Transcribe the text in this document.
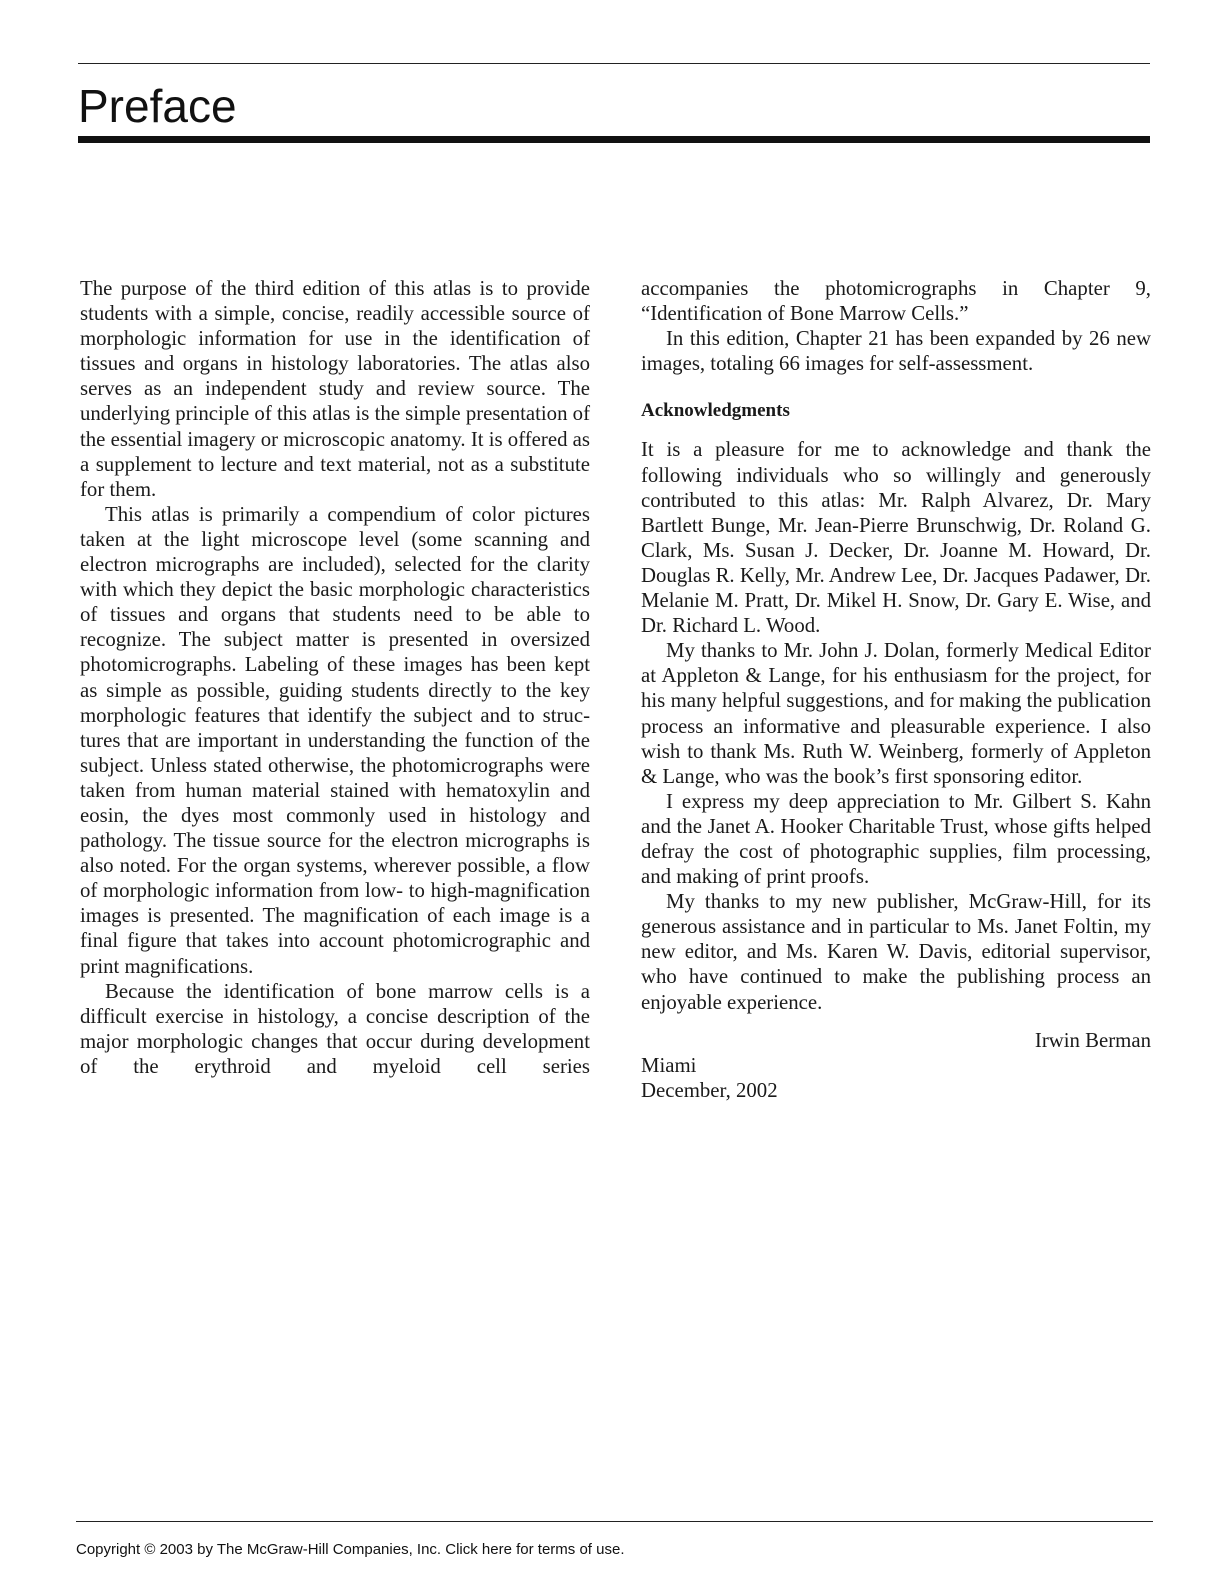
Preface

The purpose of the third edition of this atlas is to provide students with a simple, concise, readily accessible source of morphologic information for use in the identification of tissues and organs in histology laboratories. The atlas also serves as an independent study and review source. The underlying principle of this atlas is the simple presentation of the essential imagery or microscopic anatomy. It is offered as a supplement to lecture and text material, not as a substitute for them.

This atlas is primarily a compendium of color pictures taken at the light microscope level (some scanning and electron micrographs are included), selected for the clarity with which they depict the basic morphologic characteristics of tissues and organs that students need to be able to recognize. The subject matter is presented in oversized photomicrographs. Labeling of these images has been kept as simple as possible, guiding students directly to the key morphologic features that identify the subject and to structures that are important in understanding the function of the subject. Unless stated otherwise, the photomicrographs were taken from human material stained with hematoxylin and eosin, the dyes most commonly used in histology and pathology. The tissue source for the electron micrographs is also noted. For the organ systems, wherever possible, a flow of morphologic information from low- to high-magnification images is presented. The magnification of each image is a final figure that takes into account photomicrographic and print magnifications.

Because the identification of bone marrow cells is a difficult exercise in histology, a concise description of the major morphologic changes that occur during development of the erythroid and myeloid cell series

accompanies the photomicrographs in Chapter 9, “Identification of Bone Marrow Cells.”

In this edition, Chapter 21 has been expanded by 26 new images, totaling 66 images for self-assessment.

Acknowledgments

It is a pleasure for me to acknowledge and thank the following individuals who so willingly and generously contributed to this atlas: Mr. Ralph Alvarez, Dr. Mary Bartlett Bunge, Mr. Jean-Pierre Brunschwig, Dr. Roland G. Clark, Ms. Susan J. Decker, Dr. Joanne M. Howard, Dr. Douglas R. Kelly, Mr. Andrew Lee, Dr. Jacques Padawer, Dr. Melanie M. Pratt, Dr. Mikel H. Snow, Dr. Gary E. Wise, and Dr. Richard L. Wood.

My thanks to Mr. John J. Dolan, formerly Medical Editor at Appleton & Lange, for his enthusiasm for the project, for his many helpful suggestions, and for making the publication process an informative and pleasurable experience. I also wish to thank Ms. Ruth W. Weinberg, formerly of Appleton & Lange, who was the book’s first sponsoring editor.

I express my deep appreciation to Mr. Gilbert S. Kahn and the Janet A. Hooker Charitable Trust, whose gifts helped defray the cost of photographic supplies, film processing, and making of print proofs.

My thanks to my new publisher, McGraw-Hill, for its generous assistance and in particular to Ms. Janet Foltin, my new editor, and Ms. Karen W. Davis, editorial supervisor, who have continued to make the publishing process an enjoyable experience.

Irwin Berman
Miami
December, 2002
Copyright © 2003 by The McGraw-Hill Companies, Inc. Click here for terms of use.
